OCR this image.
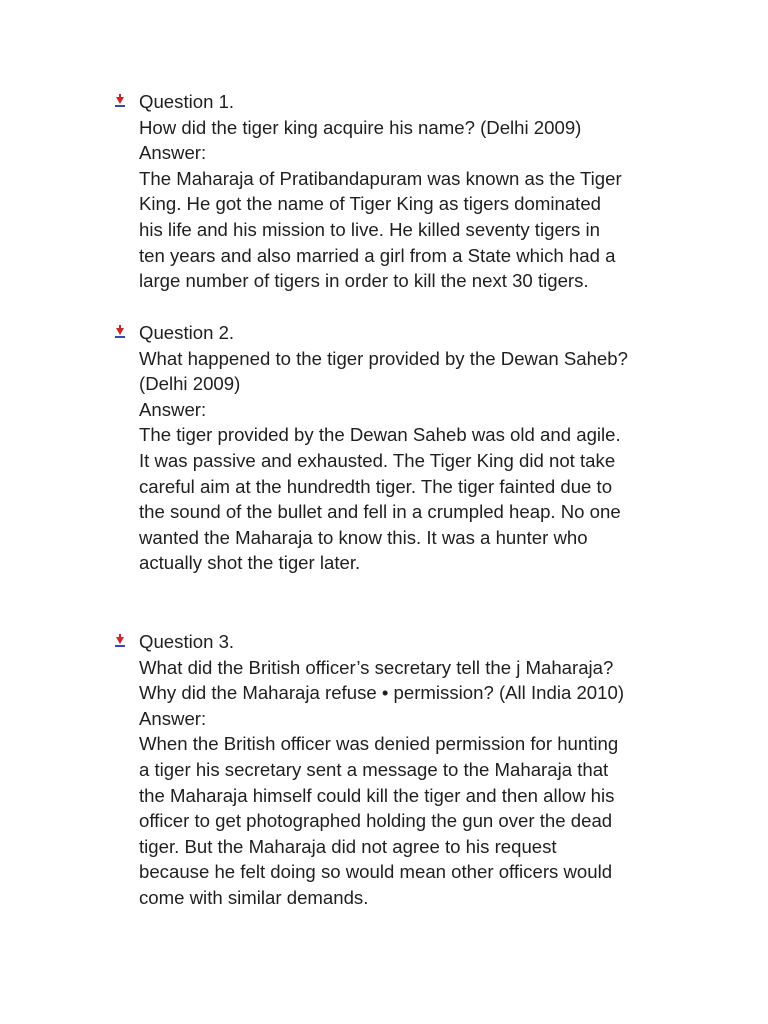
Question 1.
How did the tiger king acquire his name? (Delhi 2009)
Answer:
The Maharaja of Pratibandapuram was known as the Tiger
King. He got the name of Tiger King as tigers dominated
his life and his mission to live. He killed seventy tigers in
ten years and also married a girl from a State which had a
large number of tigers in order to kill the next 30 tigers.
Question 2.
What happened to the tiger provided by the Dewan Saheb?
(Delhi 2009)
Answer:
The tiger provided by the Dewan Saheb was old and agile.
It was passive and exhausted. The Tiger King did not take
careful aim at the hundredth tiger. The tiger fainted due to
the sound of the bullet and fell in a crumpled heap. No one
wanted the Maharaja to know this. It was a hunter who
actually shot the tiger later.
Question 3.
What did the British officer’s secretary tell the j Maharaja?
Why did the Maharaja refuse • permission? (All India 2010)
Answer:
When the British officer was denied permission for hunting
a tiger his secretary sent a message to the Maharaja that
the Maharaja himself could kill the tiger and then allow his
officer to get photographed holding the gun over the dead
tiger. But the Maharaja did not agree to his request
because he felt doing so would mean other officers would
come with similar demands.
